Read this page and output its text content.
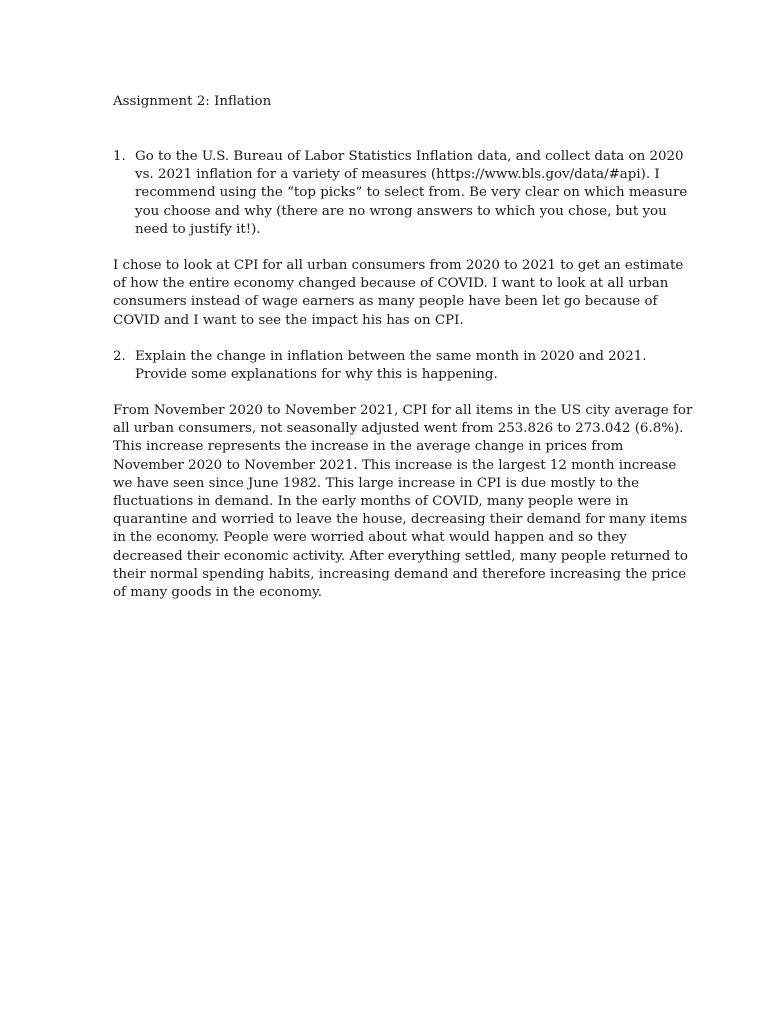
Assignment 2: Inflation
1. Go to the U.S. Bureau of Labor Statistics Inflation data, and collect data on 2020
vs. 2021 inflation for a variety of measures (https://www.bls.gov/data/#api). I
recommend using the “top picks” to select from. Be very clear on which measure
you choose and why (there are no wrong answers to which you chose, but you
need to justify it!).
I chose to look at CPI for all urban consumers from 2020 to 2021 to get an estimate
of how the entire economy changed because of COVID. I want to look at all urban
consumers instead of wage earners as many people have been let go because of
COVID and I want to see the impact his has on CPI.
2. Explain the change in inflation between the same month in 2020 and 2021.
Provide some explanations for why this is happening.
From November 2020 to November 2021, CPI for all items in the US city average for
all urban consumers, not seasonally adjusted went from 253.826 to 273.042 (6.8%).
This increase represents the increase in the average change in prices from
November 2020 to November 2021. This increase is the largest 12 month increase
we have seen since June 1982. This large increase in CPI is due mostly to the
fluctuations in demand. In the early months of COVID, many people were in
quarantine and worried to leave the house, decreasing their demand for many items
in the economy. People were worried about what would happen and so they
decreased their economic activity. After everything settled, many people returned to
their normal spending habits, increasing demand and therefore increasing the price
of many goods in the economy.
